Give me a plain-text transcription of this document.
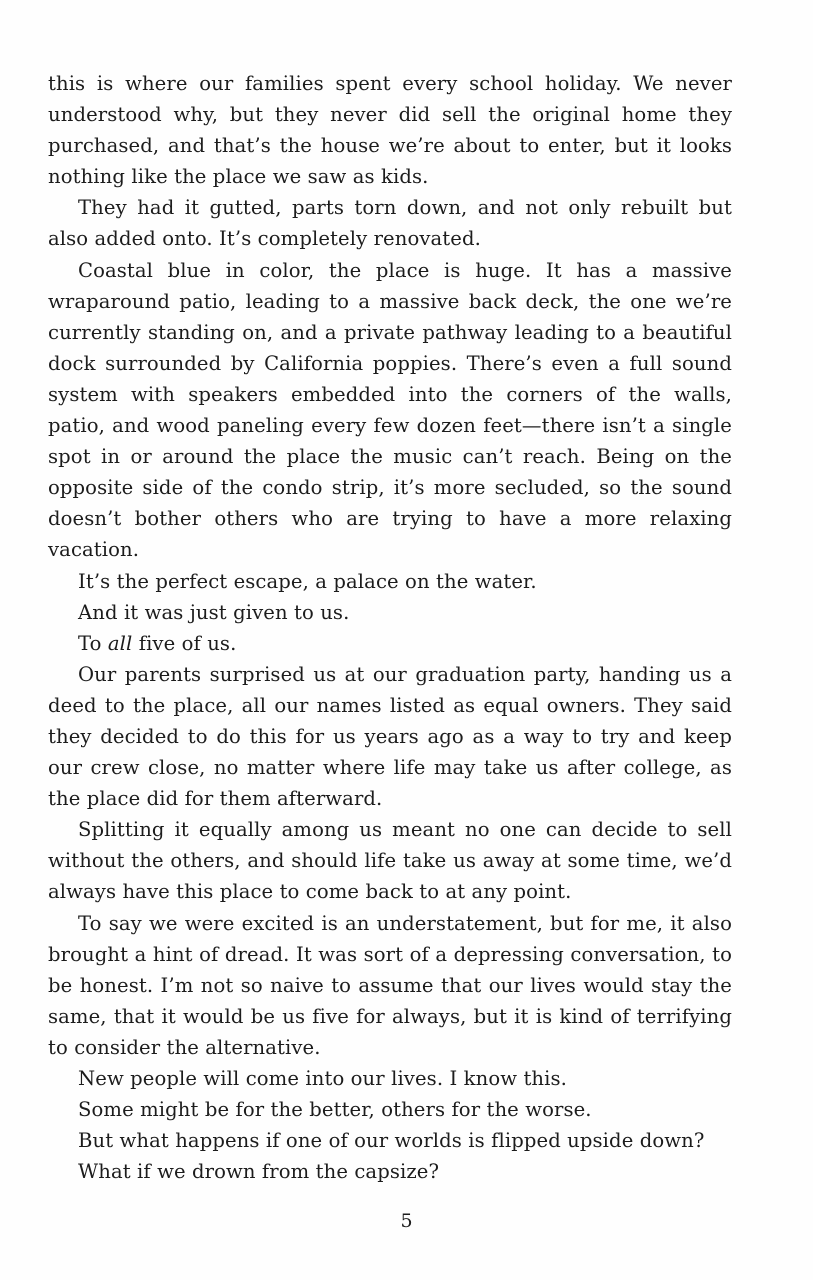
this is where our families spent every school holiday. We never understood why, but they never did sell the original home they purchased, and that’s the house we’re about to enter, but it looks nothing like the place we saw as kids.

They had it gutted, parts torn down, and not only rebuilt but also added onto. It’s completely renovated.

Coastal blue in color, the place is huge. It has a massive wraparound patio, leading to a massive back deck, the one we’re currently standing on, and a private pathway leading to a beautiful dock surrounded by California poppies. There’s even a full sound system with speakers embedded into the corners of the walls, patio, and wood paneling every few dozen feet—there isn’t a single spot in or around the place the music can’t reach. Being on the opposite side of the condo strip, it’s more secluded, so the sound doesn’t bother others who are trying to have a more relaxing vacation.

It’s the perfect escape, a palace on the water.

And it was just given to us.

To all five of us.

Our parents surprised us at our graduation party, handing us a deed to the place, all our names listed as equal owners. They said they decided to do this for us years ago as a way to try and keep our crew close, no matter where life may take us after college, as the place did for them afterward.

Splitting it equally among us meant no one can decide to sell without the others, and should life take us away at some time, we’d always have this place to come back to at any point.

To say we were excited is an understatement, but for me, it also brought a hint of dread. It was sort of a depressing conversation, to be honest. I’m not so naive to assume that our lives would stay the same, that it would be us five for always, but it is kind of terrifying to consider the alternative.

New people will come into our lives. I know this.

Some might be for the better, others for the worse.

But what happens if one of our worlds is flipped upside down?

What if we drown from the capsize?

5
